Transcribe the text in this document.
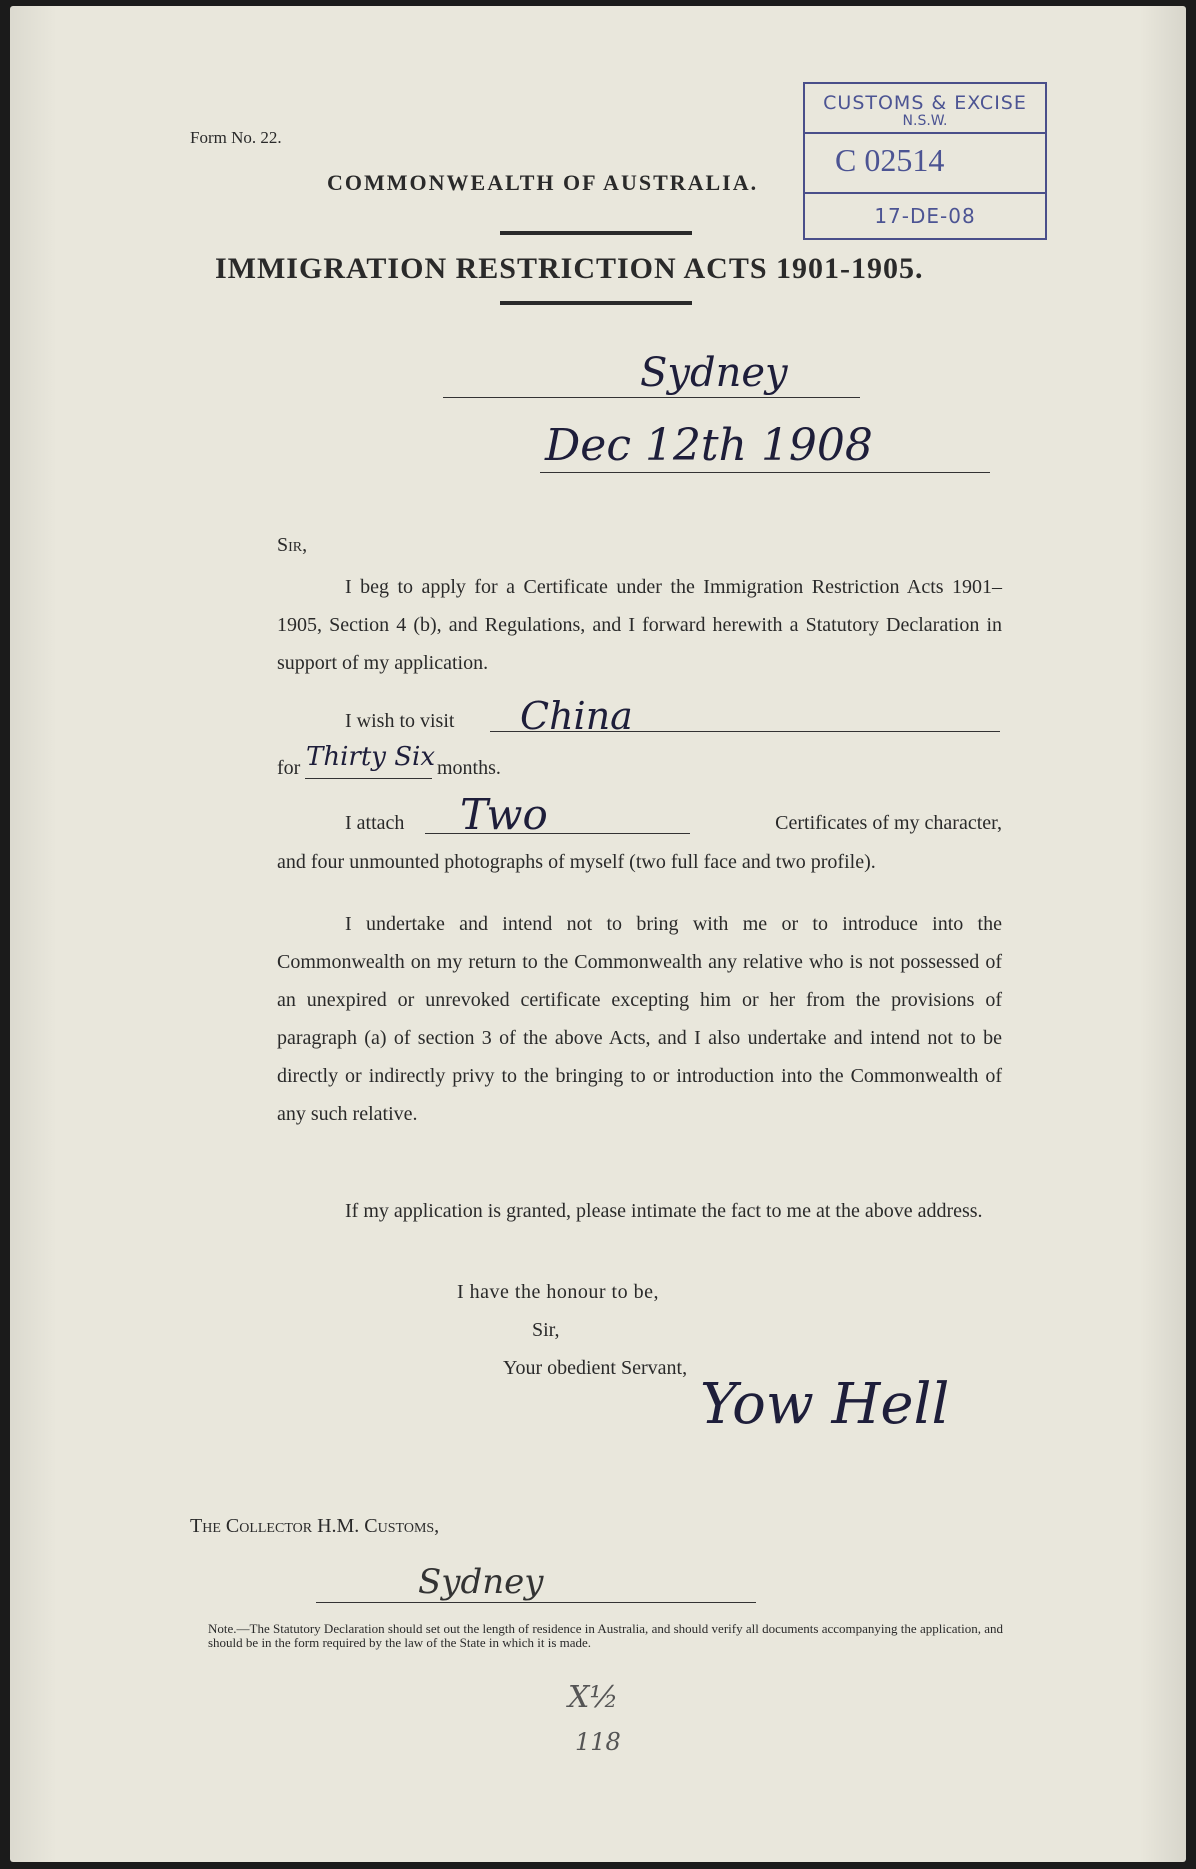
Form No. 22.
COMMONWEALTH OF AUSTRALIA.
IMMIGRATION RESTRICTION ACTS 1901-1905.
CUSTOMS & EXCISE
N.S.W.
C 02514
17-DE-08
Sydney
Dec 12th 1908
Sir,
I beg to apply for a Certificate under the Immigration Restriction Acts 1901–1905, Section 4 (b), and Regulations, and I forward herewith a Statutory Declaration in support of my application.
I wish to visit China
for Thirty Six months.
I attach Two	Certificates of my character,
and four unmounted photographs of myself (two full face and two profile).
I undertake and intend not to bring with me or to introduce into the Commonwealth on my return to the Commonwealth any relative who is not possessed of an unexpired or unrevoked certificate excepting him or her from the provisions of paragraph (a) of section 3 of the above Acts, and I also undertake and intend not to be directly or indirectly privy to the bringing to or introduction into the Commonwealth of any such relative.
If my application is granted, please intimate the fact to me at the above address.
I have the honour to be,
Sir,
Your obedient Servant,
Yow Hell
The Collector H.M. Customs,
Sydney
Note.—The Statutory Declaration should set out the length of residence in Australia, and should verify all documents accompanying the application, and should be in the form required by the law of the State in which it is made.
X½
118
